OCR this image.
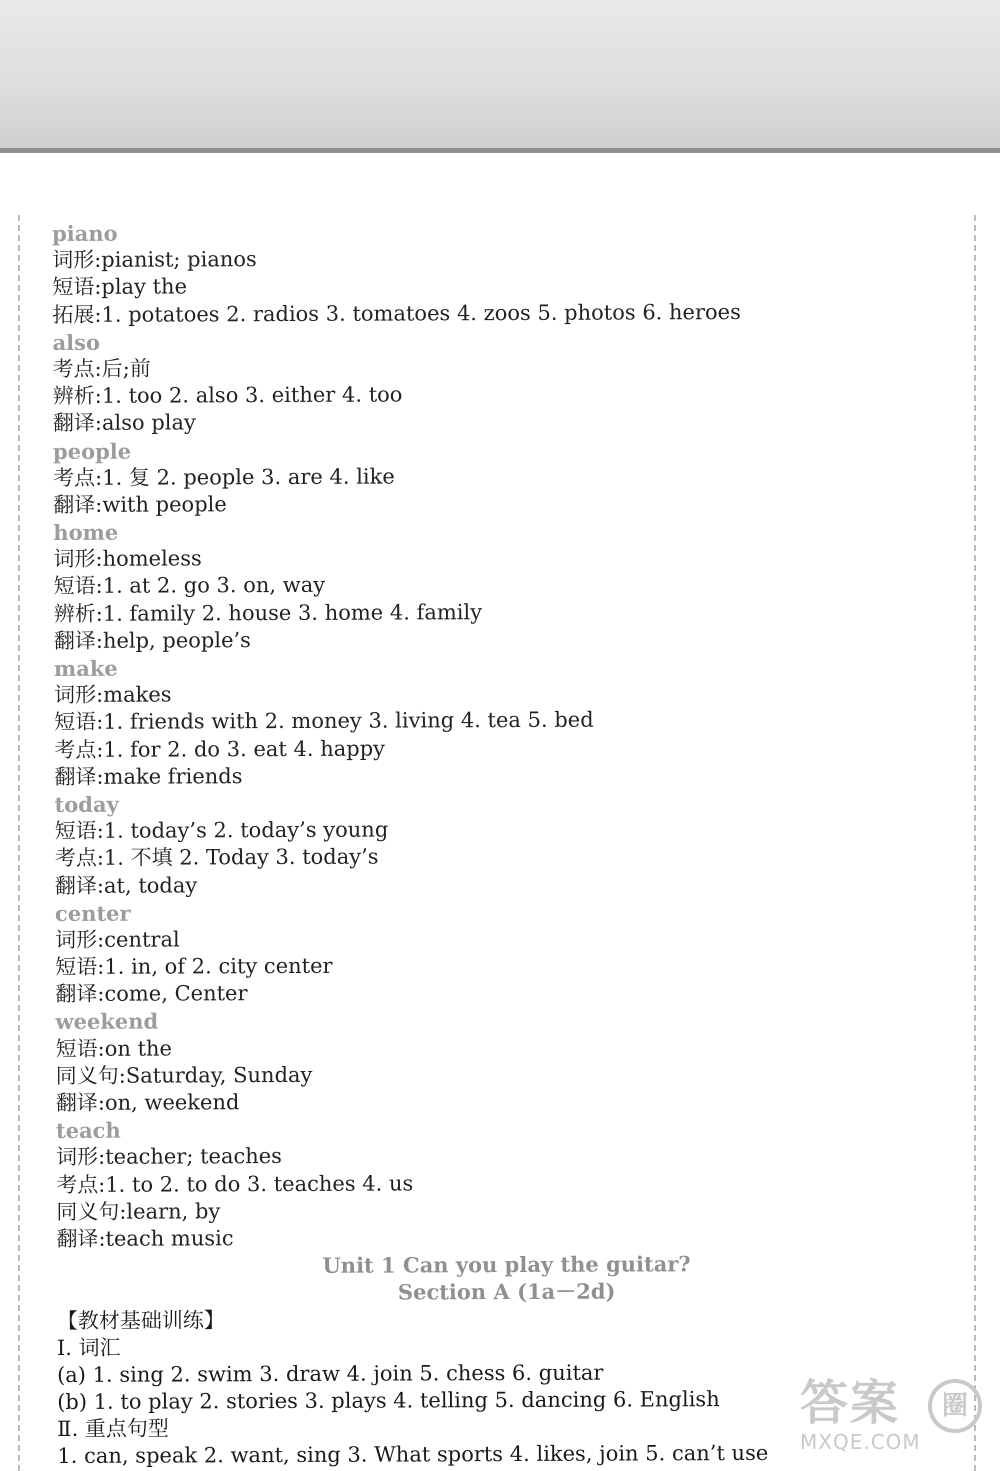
piano
词形:pianist; pianos
短语:play the
拓展:1. potatoes 2. radios 3. tomatoes 4. zoos 5. photos 6. heroes
also
考点:后;前
辨析:1. too 2. also 3. either 4. too
翻译:also play
people
考点:1. 复 2. people 3. are 4. like
翻译:with people
home
词形:homeless
短语:1. at 2. go 3. on, way
辨析:1. family 2. house 3. home 4. family
翻译:help, people’s
make
词形:makes
短语:1. friends with 2. money 3. living 4. tea 5. bed
考点:1. for 2. do 3. eat 4. happy
翻译:make friends
today
短语:1. today’s 2. today’s young
考点:1. 不填 2. Today 3. today’s
翻译:at, today
center
词形:central
短语:1. in, of 2. city center
翻译:come, Center
weekend
短语:on the
同义句:Saturday, Sunday
翻译:on, weekend
teach
词形:teacher; teaches
考点:1. to 2. to do 3. teaches 4. us
同义句:learn, by
翻译:teach music
Unit 1 Can you play the guitar?
Section A (1a－2d)
【教材基础训练】
Ⅰ. 词汇
(a) 1. sing 2. swim 3. draw 4. join 5. chess 6. guitar
(b) 1. to play 2. stories 3. plays 4. telling 5. dancing 6. English
Ⅱ. 重点句型
1. can, speak 2. want, sing 3. What sports 4. likes, join 5. can’t use
答案	圈
MXQE.COM
